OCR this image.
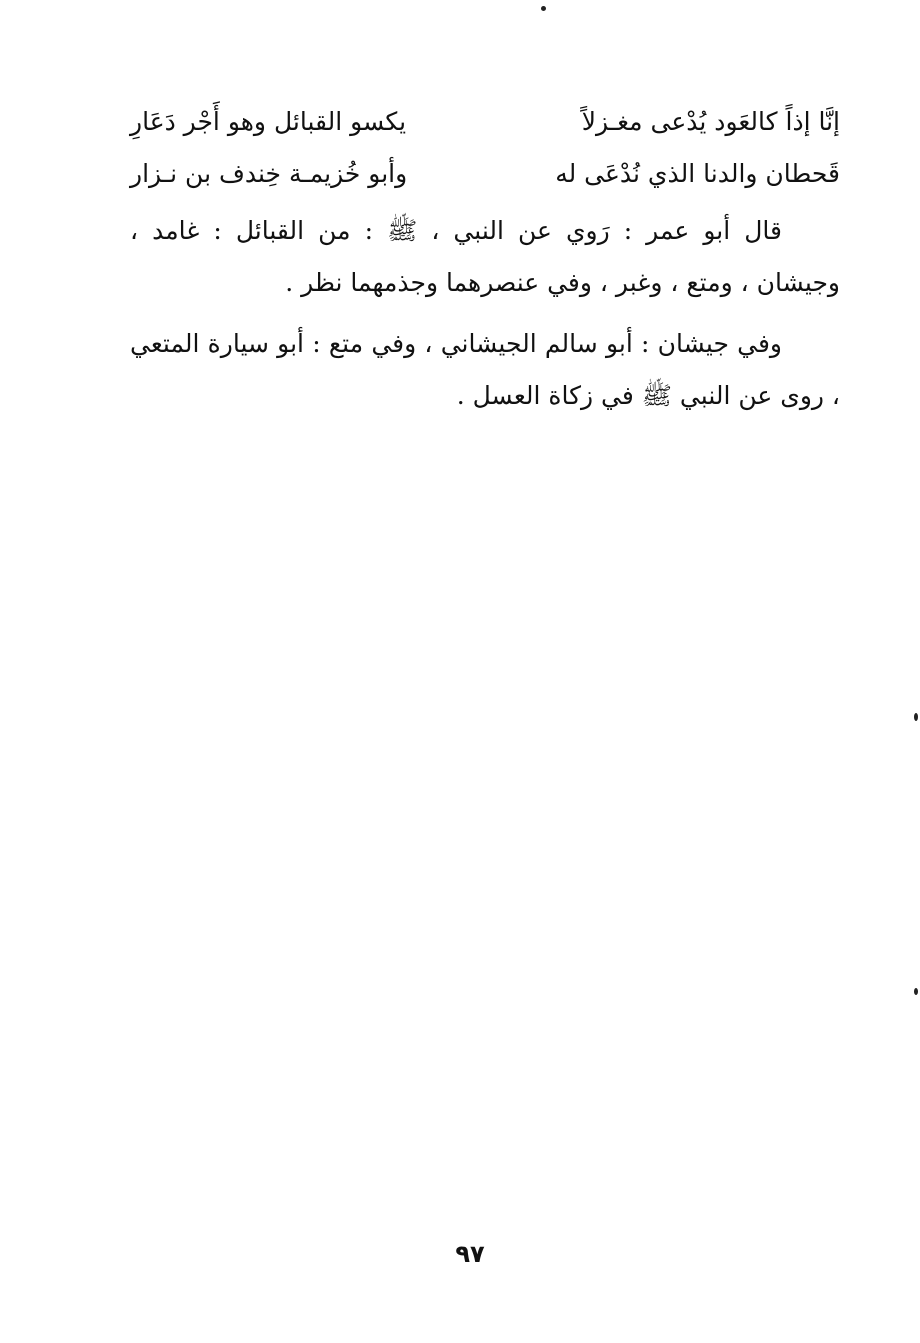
إنَّا إذاً كالعَود يُدْعى مغـزلاً
يكسو القبائل وهو أَجْر دَعَارِ
قَحطان والدنا الذي نُدْعَى له
وأبو خُزيمـة خِندف بن نـزار

قال أبو عمر : رَوي عن النبي ، ﷺ : من القبائل : غامد ، وجيشان ، ومتع ، وغبر ، وفي عنصرهما وجذمهما نظر .

وفي جيشان : أبو سالم الجيشاني ، وفي متع : أبو سيارة المتعي ، روى عن النبي ﷺ في زكاة العسل .

٩٧
